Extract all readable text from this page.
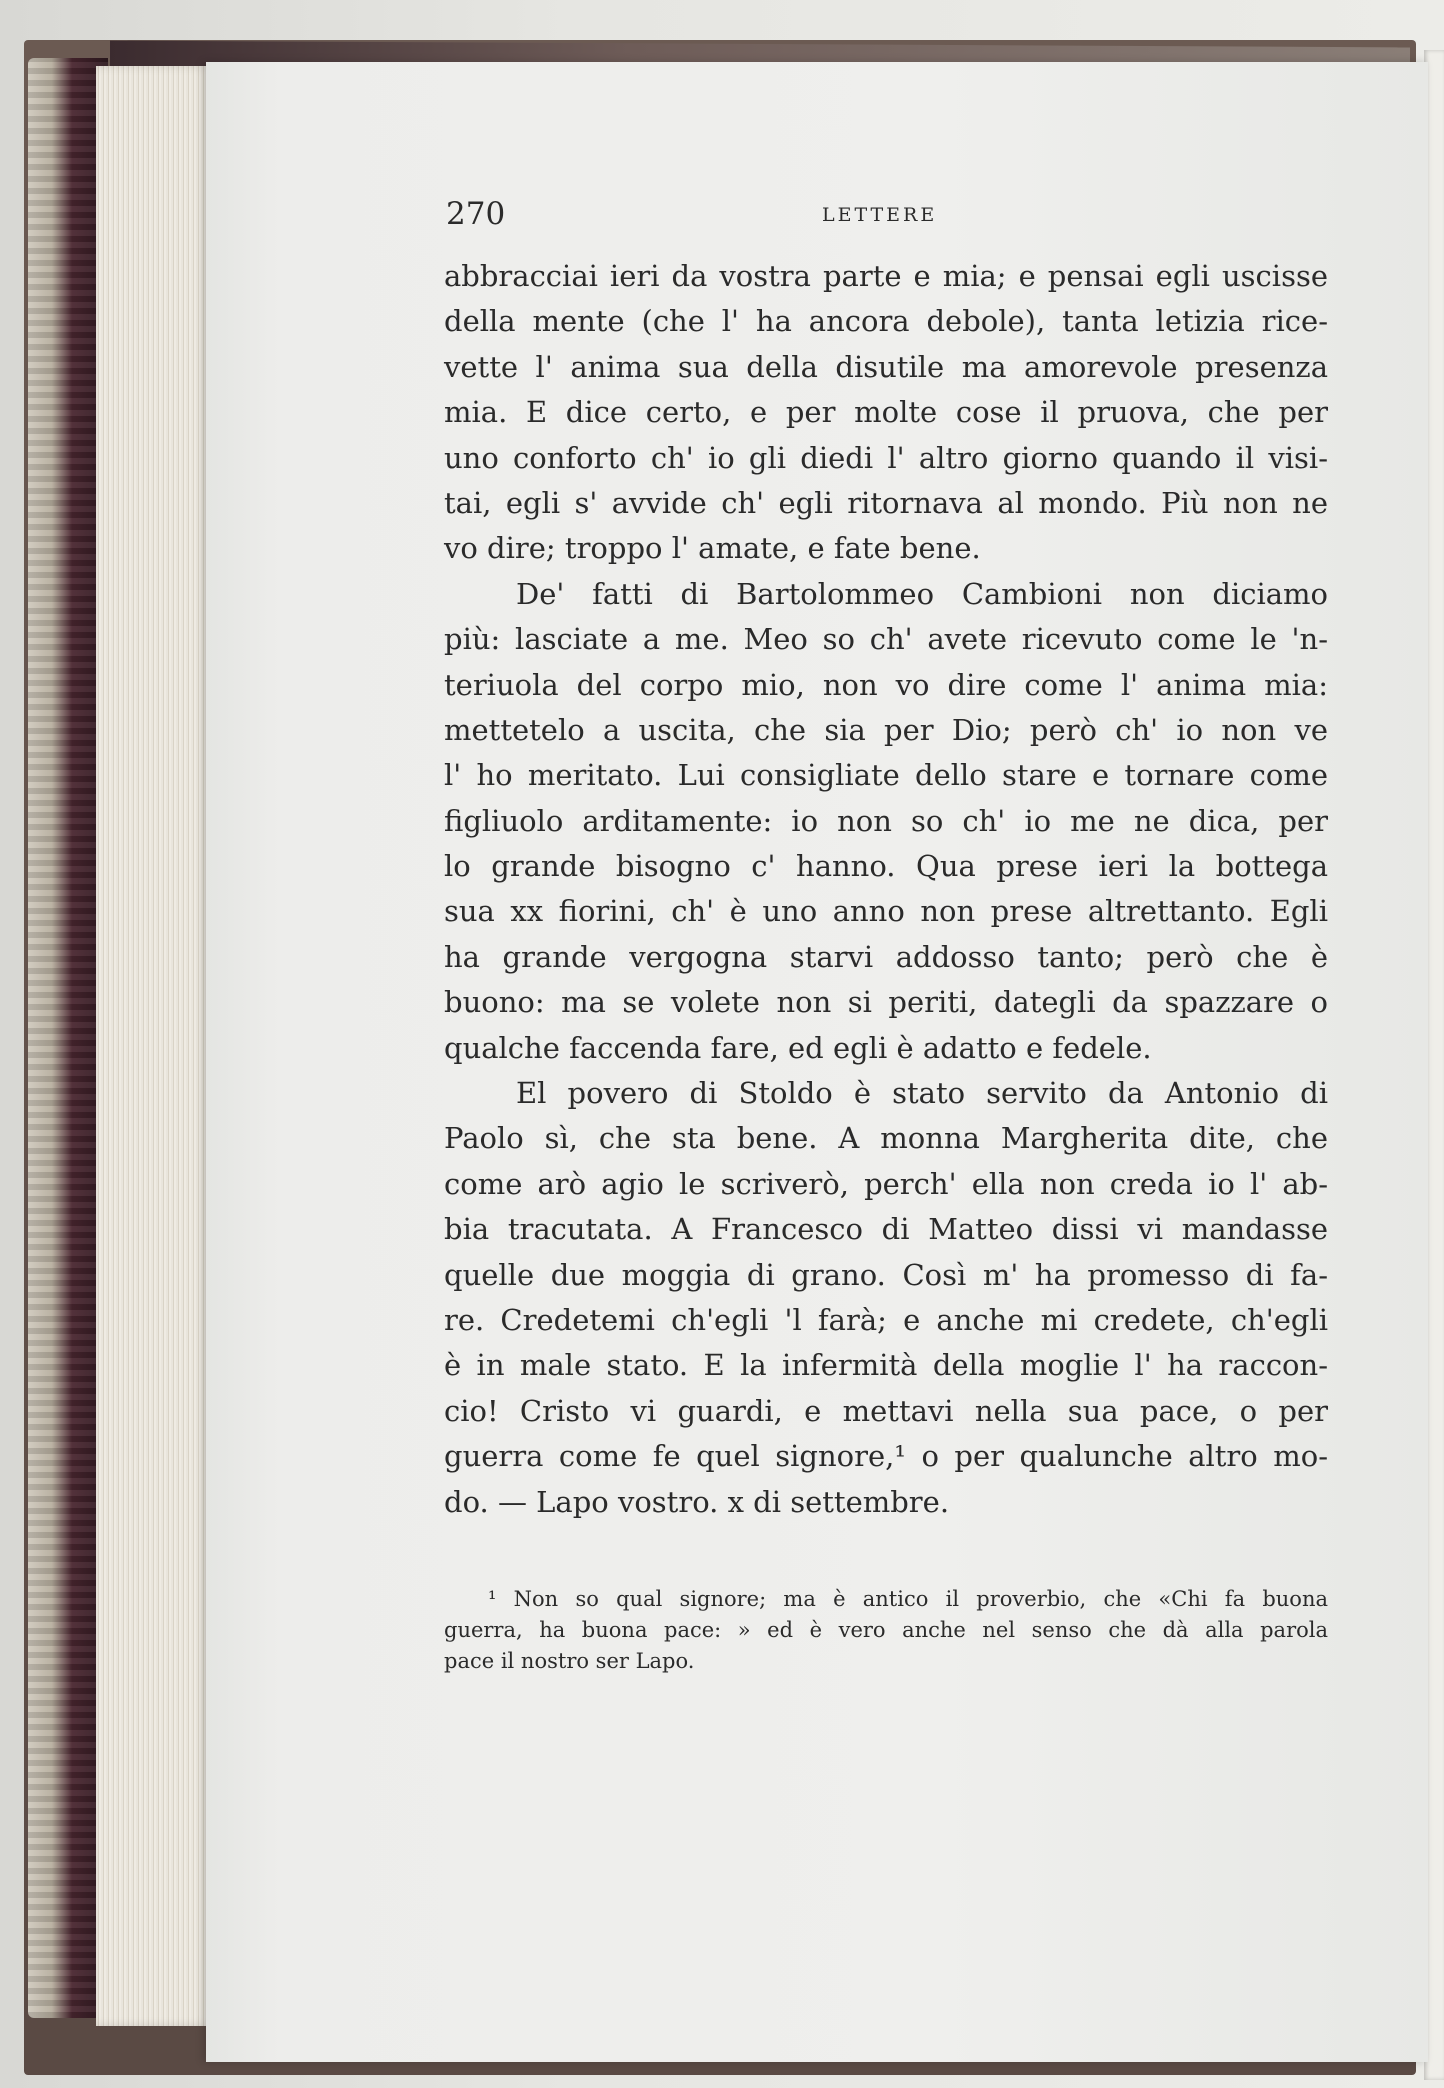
270	LETTERE
abbracciai ieri da vostra parte e mia; e pensai egli uscisse
della mente (che l' ha ancora debole), tanta letizia rice-
vette l' anima sua della disutile ma amorevole presenza
mia. E dice certo, e per molte cose il pruova, che per
uno conforto ch' io gli diedi l' altro giorno quando il visi-
tai, egli s' avvide ch' egli ritornava al mondo. Più non ne
vo dire; troppo l' amate, e fate bene.
De' fatti di Bartolommeo Cambioni non diciamo
più: lasciate a me. Meo so ch' avete ricevuto come le 'n-
teriuola del corpo mio, non vo dire come l' anima mia:
mettetelo a uscita, che sia per Dio; però ch' io non ve
l' ho meritato. Lui consigliate dello stare e tornare come
figliuolo arditamente: io non so ch' io me ne dica, per
lo grande bisogno c' hanno. Qua prese ieri la bottega
sua xx fiorini, ch' è uno anno non prese altrettanto. Egli
ha grande vergogna starvi addosso tanto; però che è
buono: ma se volete non si periti, dategli da spazzare o
qualche faccenda fare, ed egli è adatto e fedele.
El povero di Stoldo è stato servito da Antonio di
Paolo sì, che sta bene. A monna Margherita dite, che
come arò agio le scriverò, perch' ella non creda io l' ab-
bia tracutata. A Francesco di Matteo dissi vi mandasse
quelle due moggia di grano. Così m' ha promesso di fa-
re. Credetemi ch'egli 'l farà; e anche mi credete, ch'egli
è in male stato. E la infermità della moglie l' ha raccon-
cio! Cristo vi guardi, e mettavi nella sua pace, o per
guerra come fe quel signore,¹ o per qualunche altro mo-
do. — Lapo vostro. x di settembre.
¹ Non so qual signore; ma è antico il proverbio, che «Chi fa buona
guerra, ha buona pace: » ed è vero anche nel senso che dà alla parola
pace il nostro ser Lapo.
